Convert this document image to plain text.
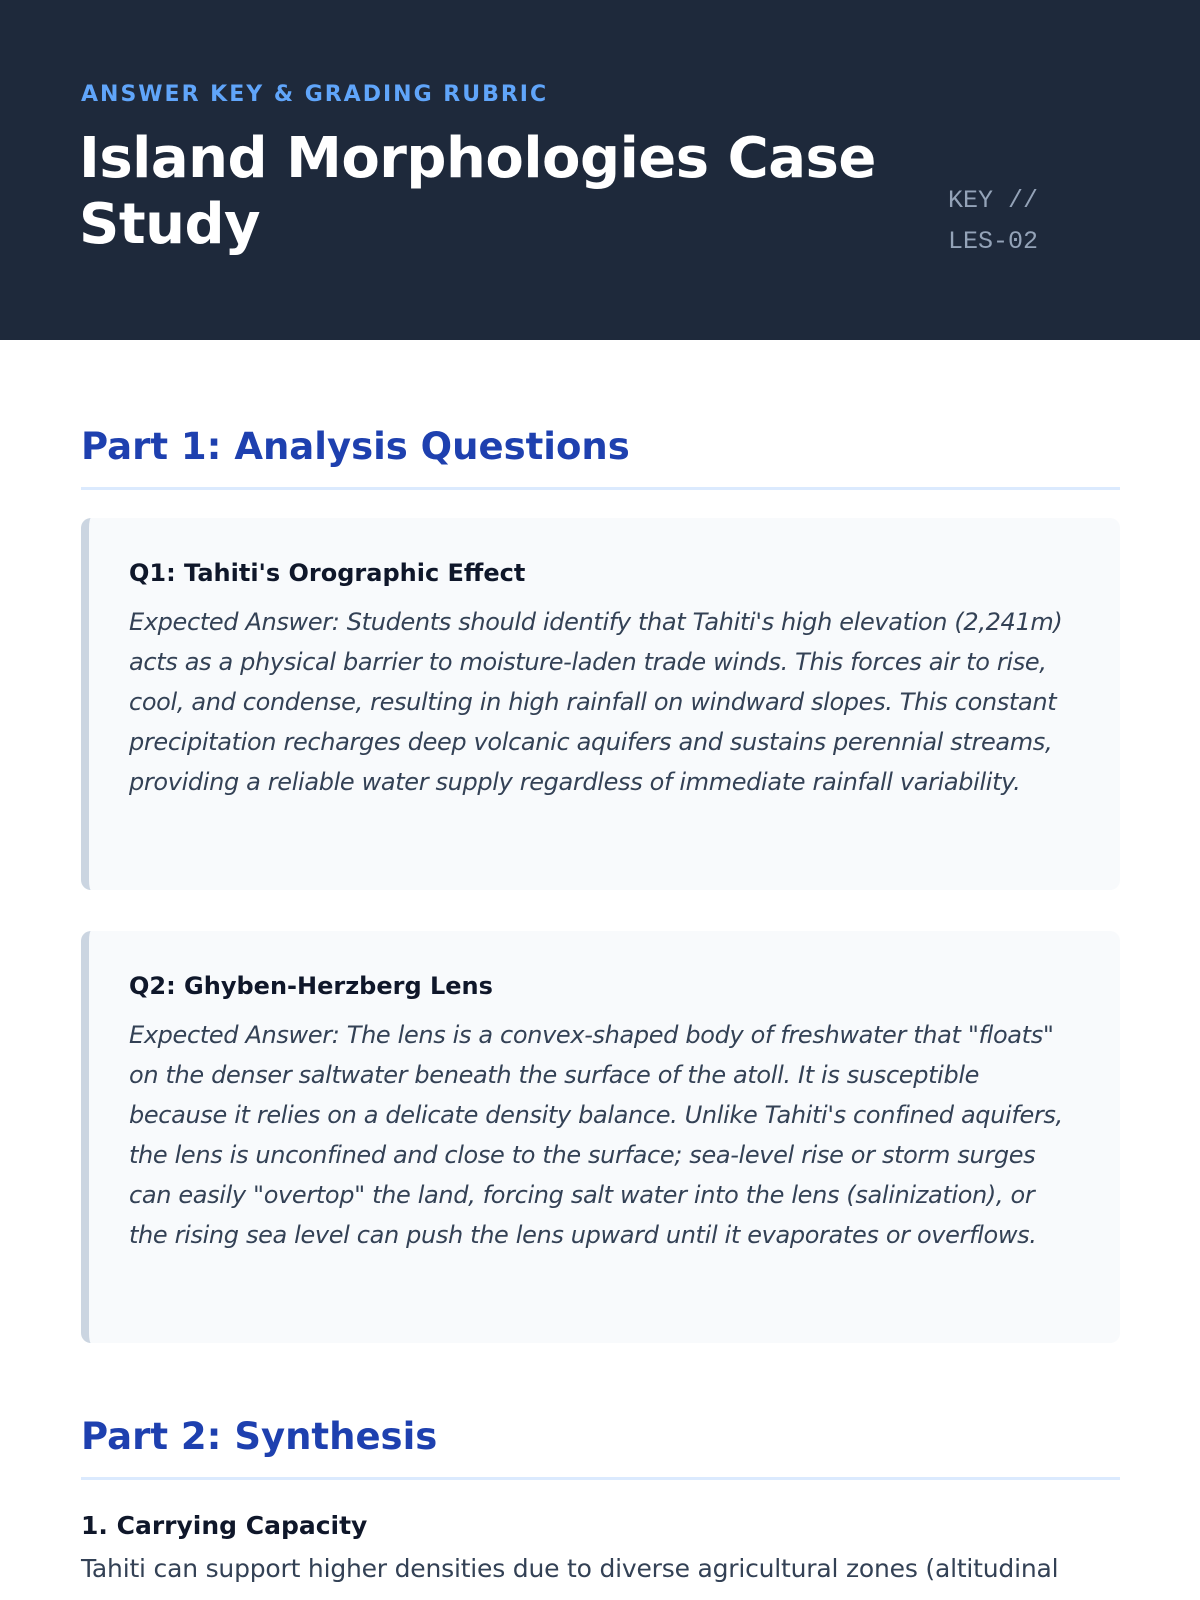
ANSWER KEY & GRADING RUBRIC
Island Morphologies Case Study	KEY // LES-02
Part 1: Analysis Questions
Q1: Tahiti's Orographic Effect

Expected Answer: Students should identify that Tahiti's high elevation (2,241m) acts as a physical barrier to moisture-laden trade winds. This forces air to rise, cool, and condense, resulting in high rainfall on windward slopes. This constant precipitation recharges deep volcanic aquifers and sustains perennial streams, providing a reliable water supply regardless of immediate rainfall variability.

Q2: Ghyben-Herzberg Lens

Expected Answer: The lens is a convex-shaped body of freshwater that "floats" on the denser saltwater beneath the surface of the atoll. It is susceptible because it relies on a delicate density balance. Unlike Tahiti's confined aquifers, the lens is unconfined and close to the surface; sea-level rise or storm surges can easily "overtop" the land, forcing salt water into the lens (salinization), or the rising sea level can push the lens upward until it evaporates or overflows.

Part 2: Synthesis
1. Carrying Capacity

Tahiti can support higher densities due to diverse agricultural zones (altitudinal
